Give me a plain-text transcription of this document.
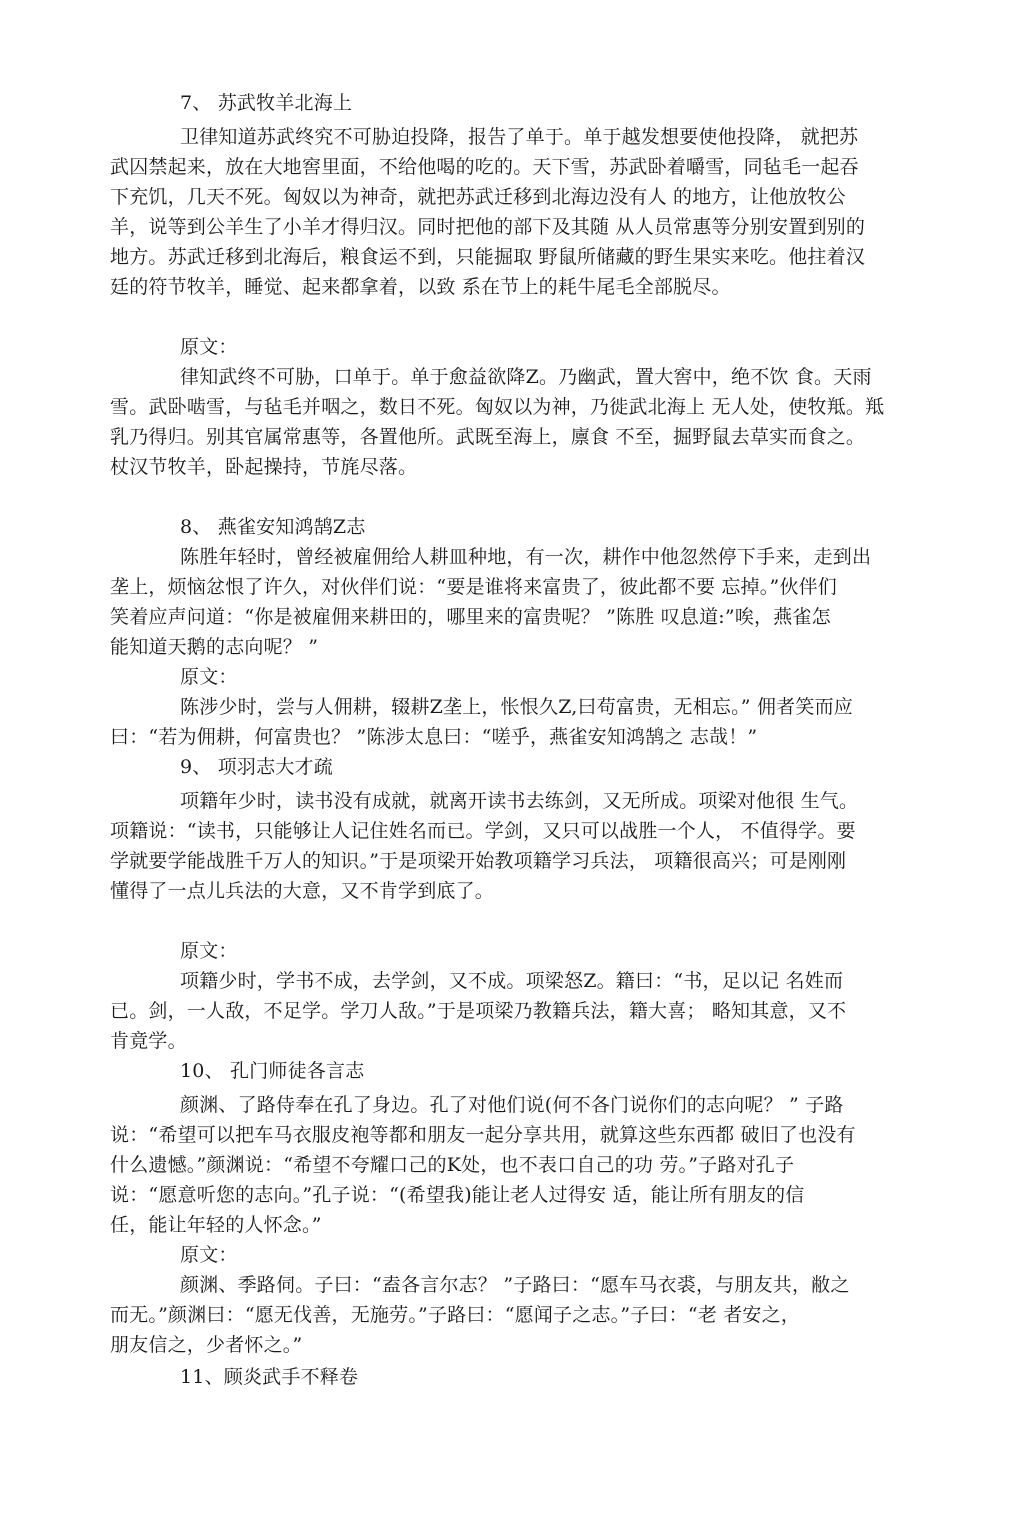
7、 苏武牧羊北海上
卫律知道苏武终究不可胁迫投降，报告了单于。单于越发想要使他投降， 就把苏
武囚禁起来，放在大地窖里面，不给他喝的吃的。天下雪，苏武卧着嚼雪，同毡毛一起吞
下充饥，几天不死。匈奴以为神奇，就把苏武迁移到北海边没有人 的地方，让他放牧公
羊，说等到公羊生了小羊才得归汉。同时把他的部下及其随 从人员常惠等分别安置到别的
地方。苏武迁移到北海后，粮食运不到，只能掘取 野鼠所储藏的野生果实来吃。他拄着汉
廷的符节牧羊，睡觉、起来都拿着，以致 系在节上的耗牛尾毛全部脱尽。
原文：
律知武终不可胁，口单于。单于愈益欲降Z。乃幽武，置大窖中，绝不饮 食。天雨
雪。武卧啮雪，与毡毛并咽之，数日不死。匈奴以为神，乃徙武北海上 无人处，使牧羝。羝
乳乃得归。别其官属常惠等，各置他所。武既至海上，廪食 不至，掘野鼠去草实而食之。
杖汉节牧羊，卧起操持，节旄尽落。
8、 燕雀安知鸿鹄Z志
陈胜年轻时，曾经被雇佣给人耕皿种地，有一次，耕作中他忽然停下手来，走到出
垄上，烦恼忿恨了许久，对伙伴们说：“要是谁将来富贵了，彼此都不要 忘掉。”伙伴们
笑着应声问道：“你是被雇佣来耕田的，哪里来的富贵呢？ ”陈胜 叹息道:”唉，燕雀怎
能知道天鹅的志向呢？ ”
原文：
陈涉少时，尝与人佣耕，辍耕Z垄上，怅恨久Z,曰苟富贵，无相忘。” 佣者笑而应
曰：“若为佣耕，何富贵也？ ”陈涉太息曰：“嗟乎，燕雀安知鸿鹄之 志哉！”
9、 项羽志大才疏
项籍年少时，读书没有成就，就离开读书去练剑，又无所成。项梁对他很 生气。
项籍说：“读书，只能够让人记住姓名而已。学剑，又只可以战胜一个人， 不值得学。要
学就要学能战胜千万人的知识。”于是项梁开始教项籍学习兵法， 项籍很高兴；可是刚刚
懂得了一点儿兵法的大意，又不肯学到底了。
原文：
项籍少时，学书不成，去学剑，又不成。项梁怒Z。籍曰：“书，足以记 名姓而
已。剑，一人敌，不足学。学刀人敌。”于是项梁乃教籍兵法，籍大喜； 略知其意，又不
肯竟学。
10、 孔门师徒各言志
颜渊、了路侍奉在孔了身边。孔了对他们说(何不各门说你们的志向呢？ ” 子路
说：“希望可以把车马衣服皮袍等都和朋友一起分享共用，就算这些东西都 破旧了也没有
什么遗憾。”颜渊说：“希望不夸耀口己的K处，也不表口自己的功 劳。”子路对孔子
说：“愿意听您的志向。”孔子说：“(希望我)能让老人过得安 适，能让所有朋友的信
任，能让年轻的人怀念。”
原文：
颜渊、季路伺。子曰：“盍各言尔志？ ”子路曰：“愿车马衣裘，与朋友共，敝之
而无。”颜渊曰：“愿无伐善，无施劳。”子路曰：“愿闻子之志。”子曰：“老 者安之，
朋友信之，少者怀之。”
11、顾炎武手不释卷
